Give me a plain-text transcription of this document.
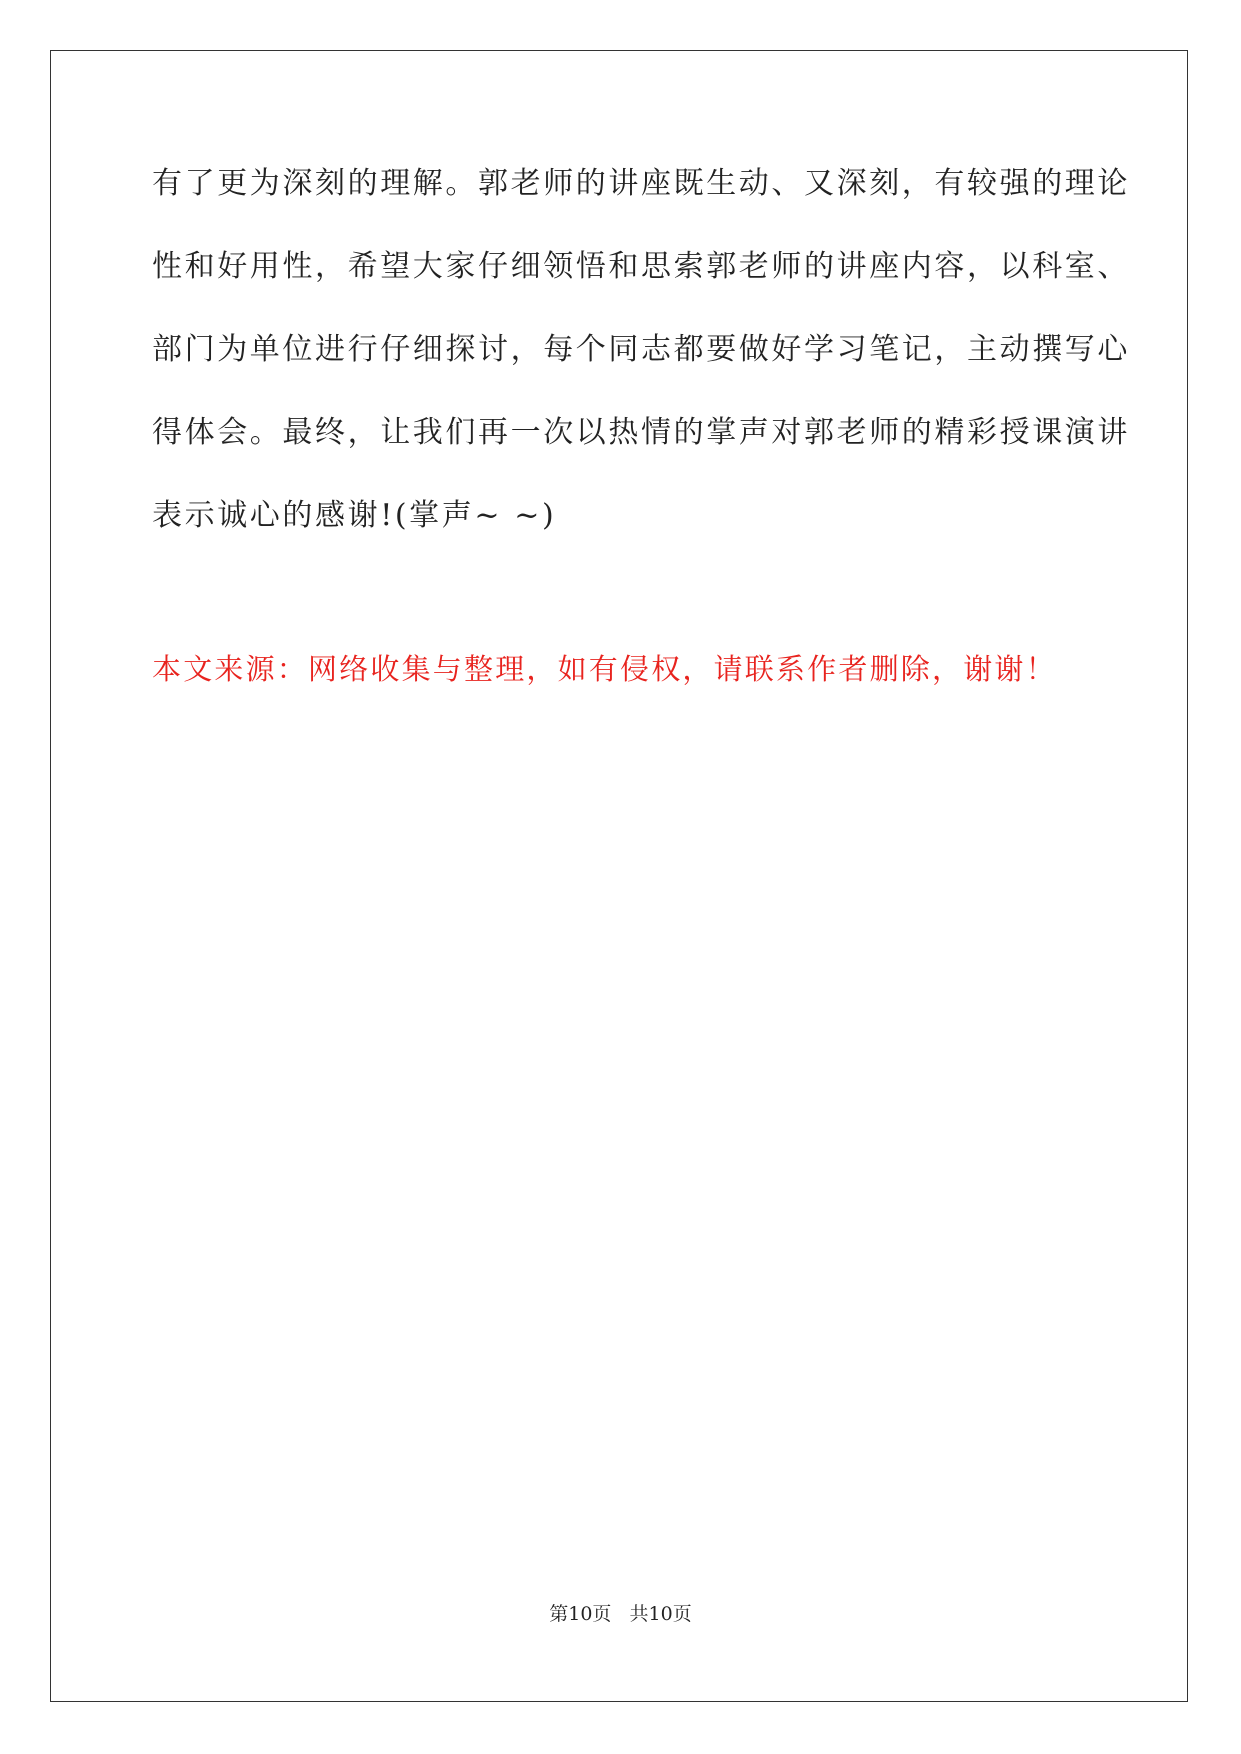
有了更为深刻的理解。郭老师的讲座既生动、又深刻，有较强的理论
性和好用性，希望大家仔细领悟和思索郭老师的讲座内容，以科室、
部门为单位进行仔细探讨，每个同志都要做好学习笔记，主动撰写心
得体会。最终，让我们再一次以热情的掌声对郭老师的精彩授课演讲
表示诚心的感谢!(掌声~ ~)
本文来源：网络收集与整理，如有侵权，请联系作者删除，谢谢！
第10页   共10页
